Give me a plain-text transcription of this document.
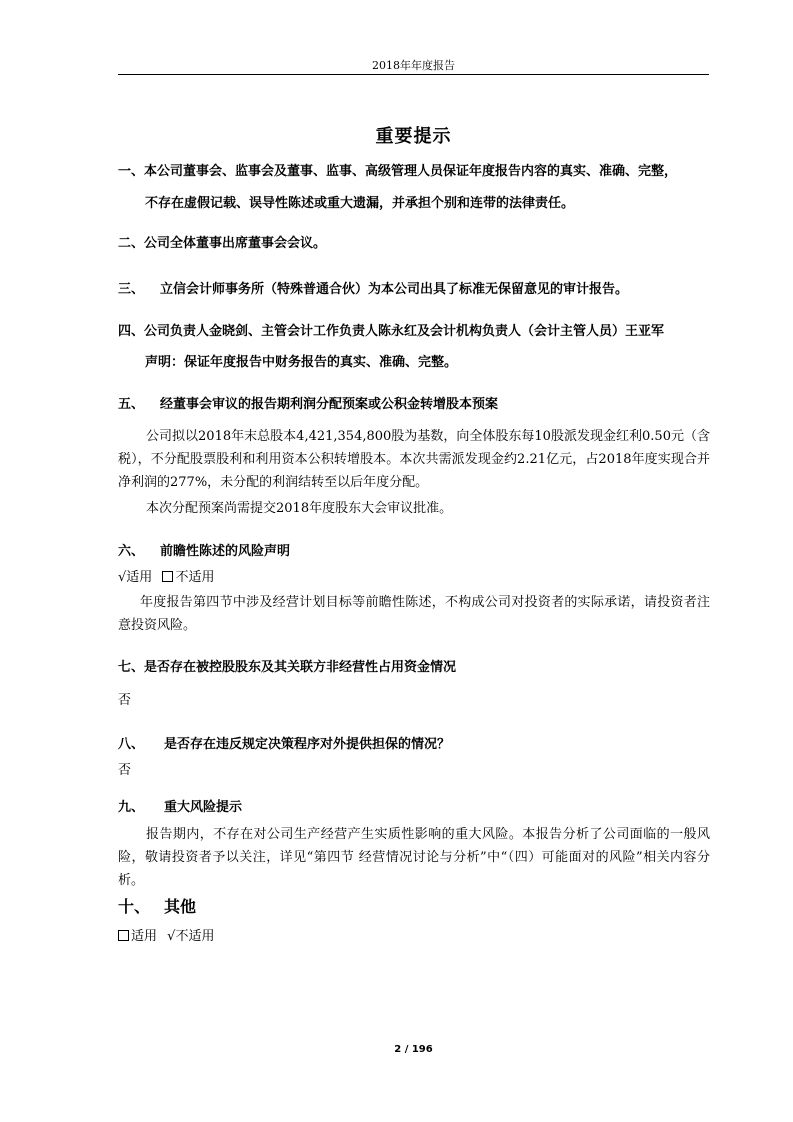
2018年年度报告
重要提示
一、本公司董事会、监事会及董事、监事、高级管理人员保证年度报告内容的真实、准确、完整，
不存在虚假记载、误导性陈述或重大遗漏，并承担个别和连带的法律责任。
二、公司全体董事出席董事会会议。
三、 立信会计师事务所（特殊普通合伙）为本公司出具了标准无保留意见的审计报告。
四、公司负责人金晓剑、主管会计工作负责人陈永红及会计机构负责人（会计主管人员）王亚军
声明：保证年度报告中财务报告的真实、准确、完整。
五、 经董事会审议的报告期利润分配预案或公积金转增股本预案
公司拟以2018年末总股本4,421,354,800股为基数，向全体股东每10股派发现金红利0.50元（含税），不分配股票股利和利用资本公积转增股本。本次共需派发现金约2.21亿元，占2018年度实现合并净利润的277%，未分配的利润结转至以后年度分配。
本次分配预案尚需提交2018年度股东大会审议批准。
六、 前瞻性陈述的风险声明
√适用 不适用
年度报告第四节中涉及经营计划目标等前瞻性陈述，不构成公司对投资者的实际承诺，请投资者注意投资风险。
七、是否存在被控股股东及其关联方非经营性占用资金情况
否
八、 是否存在违反规定决策程序对外提供担保的情况？
否
九、 重大风险提示
报告期内，不存在对公司生产经营产生实质性影响的重大风险。本报告分析了公司面临的一般风险，敬请投资者予以关注，详见“第四节 经营情况讨论与分析”中“（四）可能面对的风险”相关内容分析。
十、 其他
适用 √不适用
2 / 196
